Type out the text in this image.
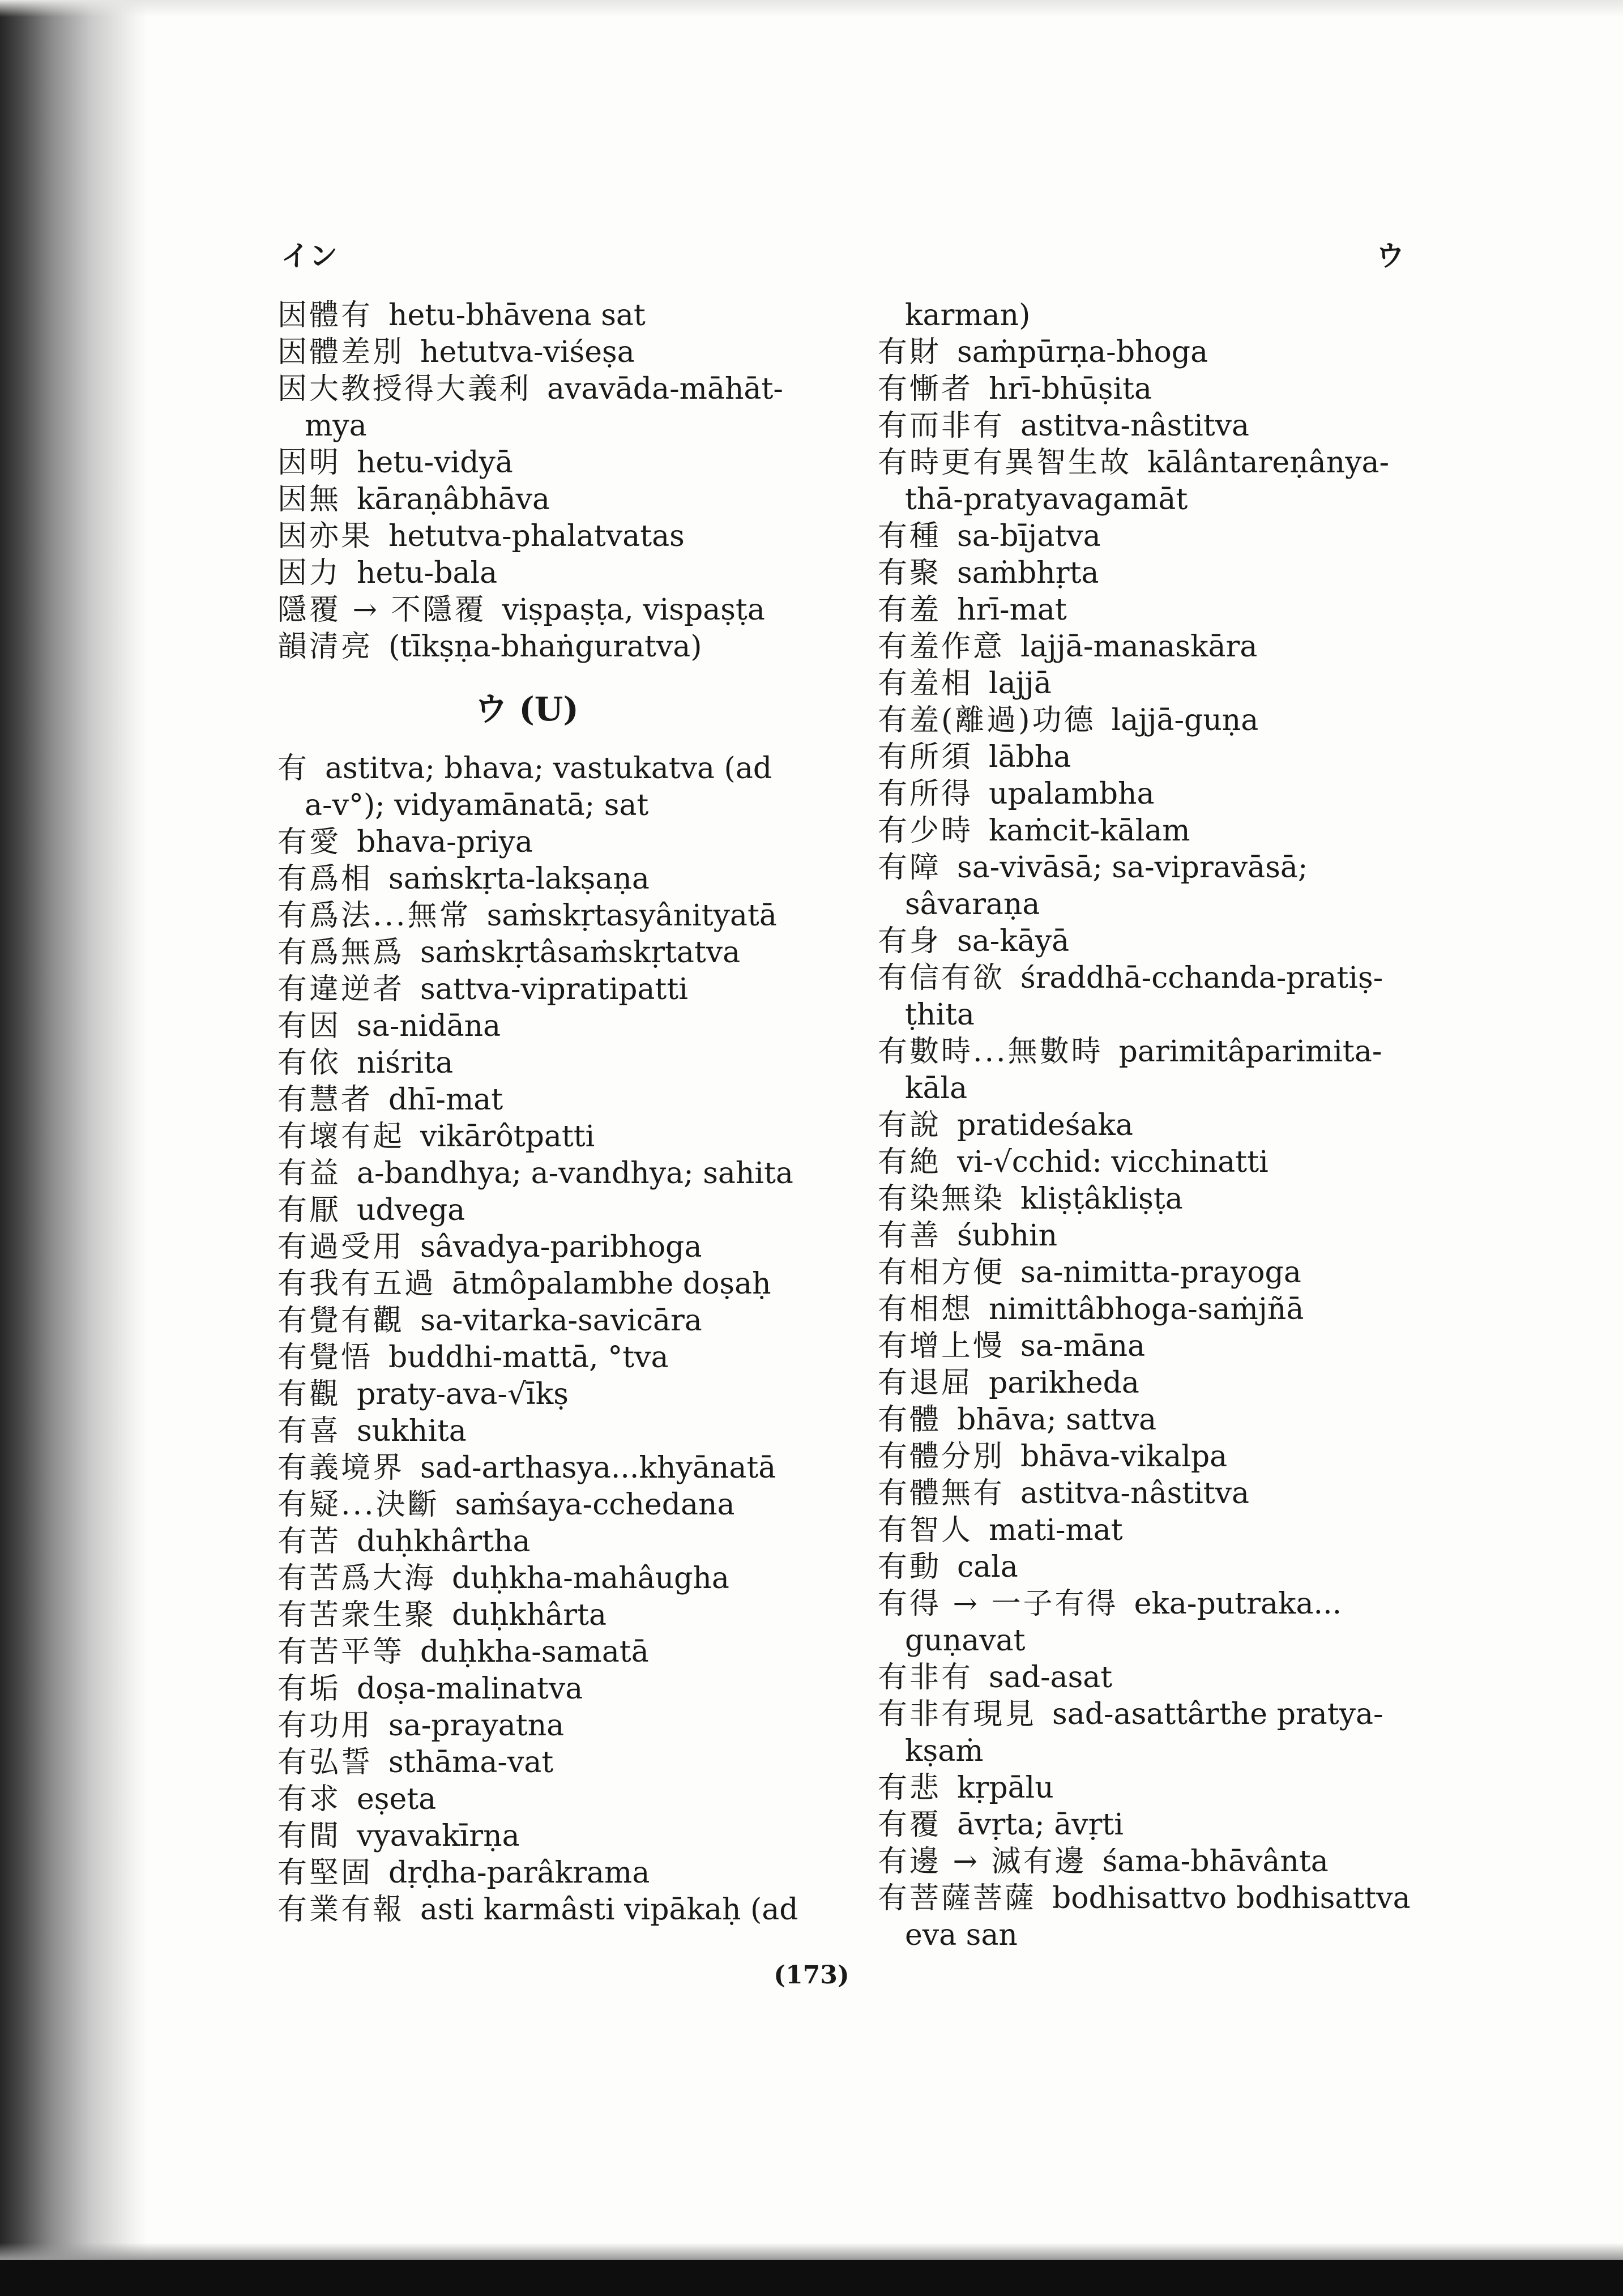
イン	ウ
因體有 hetu-bhāvena sat
因體差別 hetutva-viśeṣa
因大教授得大義利 avavāda-māhāt-
mya
因明 hetu-vidyā
因無 kāraṇâbhāva
因亦果 hetutva-phalatvatas
因力 hetu-bala
隱覆 → 不隱覆 viṣpaṣṭa, vispaṣṭa
韻清亮 (tīkṣṇa-bhaṅguratva)
ウ (U)
有 astitva; bhava; vastukatva (ad
a-v°); vidyamānatā; sat
有愛 bhava-priya
有爲相 saṁskṛta-lakṣaṇa
有爲法...無常 saṁskṛtasyânityatā
有爲無爲 saṁskṛtâsaṁskṛtatva
有違逆者 sattva-vipratipatti
有因 sa-nidāna
有依 niśrita
有慧者 dhī-mat
有壞有起 vikārôtpatti
有益 a-bandhya; a-vandhya; sahita
有厭 udvega
有過受用 sâvadya-paribhoga
有我有五過 ātmôpalambhe doṣaḥ
有覺有觀 sa-vitarka-savicāra
有覺悟 buddhi-mattā, °tva
有觀 praty-ava-√īkṣ
有喜 sukhita
有義境界 sad-arthasya...khyānatā
有疑...決斷 saṁśaya-cchedana
有苦 duḥkhârtha
有苦爲大海 duḥkha-mahâugha
有苦衆生聚 duḥkhârta
有苦平等 duḥkha-samatā
有垢 doṣa-malinatva
有功用 sa-prayatna
有弘誓 sthāma-vat
有求 eṣeta
有間 vyavakīrṇa
有堅固 dṛḍha-parâkrama
有業有報 asti karmâsti vipākaḥ (ad
karman)
有財 saṁpūrṇa-bhoga
有慚者 hrī-bhūṣita
有而非有 astitva-nâstitva
有時更有異智生故 kālântareṇânya-
thā-pratyavagamāt
有種 sa-bījatva
有聚 saṁbhṛta
有羞 hrī-mat
有羞作意 lajjā-manaskāra
有羞相 lajjā
有羞(離過)功德 lajjā-guṇa
有所須 lābha
有所得 upalambha
有少時 kaṁcit-kālam
有障 sa-vivāsā; sa-vipravāsā;
sâvaraṇa
有身 sa-kāyā
有信有欲 śraddhā-cchanda-pratiṣ-
ṭhita
有數時...無數時 parimitâparimita-
kāla
有說 pratideśaka
有絶 vi-√cchid: vicchinatti
有染無染 kliṣṭâkliṣṭa
有善 śubhin
有相方便 sa-nimitta-prayoga
有相想 nimittâbhoga-saṁjñā
有增上慢 sa-māna
有退屈 parikheda
有體 bhāva; sattva
有體分別 bhāva-vikalpa
有體無有 astitva-nâstitva
有智人 mati-mat
有動 cala
有得 → 一子有得 eka-putraka...
guṇavat
有非有 sad-asat
有非有現見 sad-asattârthe pratya-
kṣaṁ
有悲 kṛpālu
有覆 āvṛta; āvṛti
有邊 → 滅有邊 śama-bhāvânta
有菩薩菩薩 bodhisattvo bodhisattva
eva san
(173)
